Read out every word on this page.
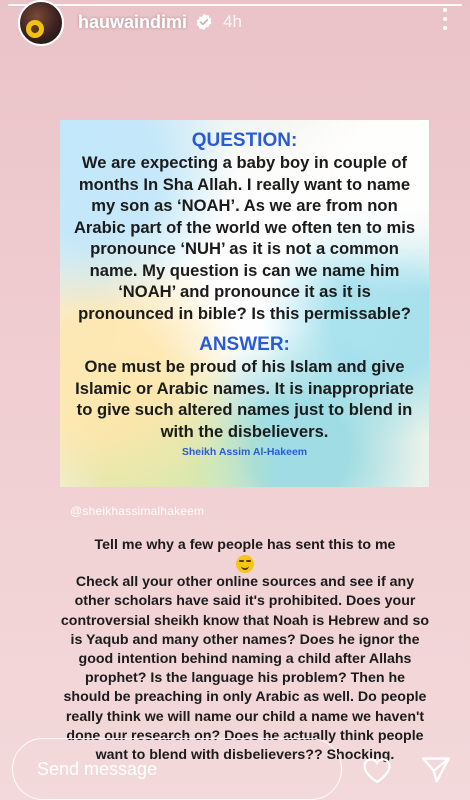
hauwaindimi 4h
QUESTION:
We are expecting a baby boy in couple of months In Sha Allah. I really want to name my son as ‘NOAH’. As we are from non Arabic part of the world we often ten to mis pronounce ‘NUH’ as it is not a common name. My question is can we name him ‘NOAH’ and pronounce it as it is pronounced in bible? Is this permissable?
ANSWER:
One must be proud of his Islam and give Islamic or Arabic names. It is inappropriate to give such altered names just to blend in with the disbelievers.
Sheikh Assim Al-Hakeem
@sheikhassimalhakeem
Tell me why a few people has sent this to me
Check all your other online sources and see if any other scholars have said it's prohibited. Does your controversial sheikh know that Noah is Hebrew and so is Yaqub and many other names? Does he ignor the good intention behind naming a child after Allahs prophet? Is the language his problem? Then he should be preaching in only Arabic as well. Do people really think we will name our child a name we haven't done our research on? Does he actually think people want to blend with disbelievers?? Shocking.
Send message
